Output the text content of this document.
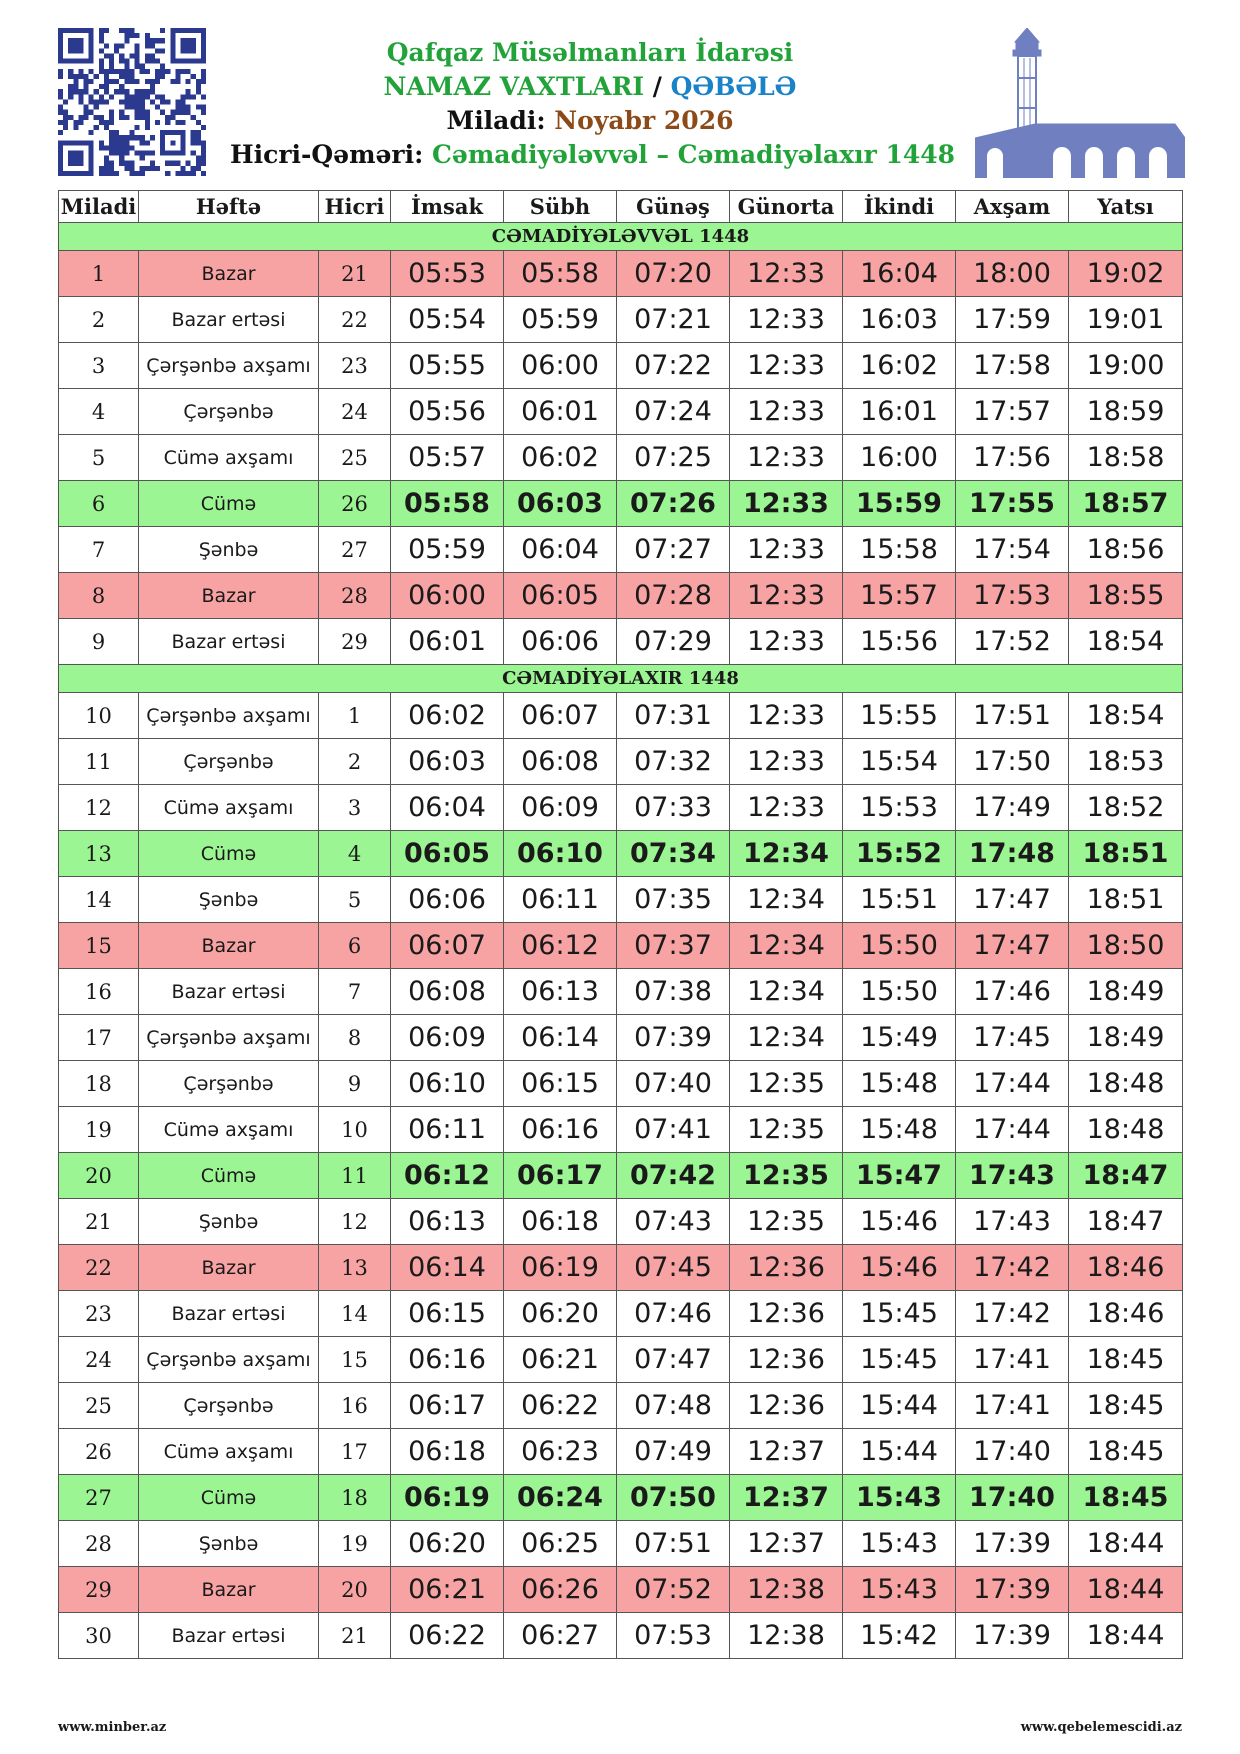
Qafqaz Müsəlmanları İdarəsi
NAMAZ VAXTLARI / QƏBƏLƏ
Miladi: Noyabr 2026
Hicri-Qəməri: Cəmadiyələvvəl – Cəmadiyəlaxır 1448
Miladi	Həftə	Hicri	İmsak	Sübh	Günəş	Günorta	İkindi	Axşam	Yatsı
CƏMADİYƏLƏVVƏL 1448									
1	Bazar	21	05:53	05:58	07:20	12:33	16:04	18:00	19:02
2	Bazar ertəsi	22	05:54	05:59	07:21	12:33	16:03	17:59	19:01
3	Çərşənbə axşamı	23	05:55	06:00	07:22	12:33	16:02	17:58	19:00
4	Çərşənbə	24	05:56	06:01	07:24	12:33	16:01	17:57	18:59
5	Cümə axşamı	25	05:57	06:02	07:25	12:33	16:00	17:56	18:58
6	Cümə	26	05:58	06:03	07:26	12:33	15:59	17:55	18:57
7	Şənbə	27	05:59	06:04	07:27	12:33	15:58	17:54	18:56
8	Bazar	28	06:00	06:05	07:28	12:33	15:57	17:53	18:55
9	Bazar ertəsi	29	06:01	06:06	07:29	12:33	15:56	17:52	18:54
CƏMADİYƏLAXIR 1448									
10	Çərşənbə axşamı	1	06:02	06:07	07:31	12:33	15:55	17:51	18:54
11	Çərşənbə	2	06:03	06:08	07:32	12:33	15:54	17:50	18:53
12	Cümə axşamı	3	06:04	06:09	07:33	12:33	15:53	17:49	18:52
13	Cümə	4	06:05	06:10	07:34	12:34	15:52	17:48	18:51
14	Şənbə	5	06:06	06:11	07:35	12:34	15:51	17:47	18:51
15	Bazar	6	06:07	06:12	07:37	12:34	15:50	17:47	18:50
16	Bazar ertəsi	7	06:08	06:13	07:38	12:34	15:50	17:46	18:49
17	Çərşənbə axşamı	8	06:09	06:14	07:39	12:34	15:49	17:45	18:49
18	Çərşənbə	9	06:10	06:15	07:40	12:35	15:48	17:44	18:48
19	Cümə axşamı	10	06:11	06:16	07:41	12:35	15:48	17:44	18:48
20	Cümə	11	06:12	06:17	07:42	12:35	15:47	17:43	18:47
21	Şənbə	12	06:13	06:18	07:43	12:35	15:46	17:43	18:47
22	Bazar	13	06:14	06:19	07:45	12:36	15:46	17:42	18:46
23	Bazar ertəsi	14	06:15	06:20	07:46	12:36	15:45	17:42	18:46
24	Çərşənbə axşamı	15	06:16	06:21	07:47	12:36	15:45	17:41	18:45
25	Çərşənbə	16	06:17	06:22	07:48	12:36	15:44	17:41	18:45
26	Cümə axşamı	17	06:18	06:23	07:49	12:37	15:44	17:40	18:45
27	Cümə	18	06:19	06:24	07:50	12:37	15:43	17:40	18:45
28	Şənbə	19	06:20	06:25	07:51	12:37	15:43	17:39	18:44
29	Bazar	20	06:21	06:26	07:52	12:38	15:43	17:39	18:44
30	Bazar ertəsi	21	06:22	06:27	07:53	12:38	15:42	17:39	18:44
www.minber.az	www.qebelemescidi.az
